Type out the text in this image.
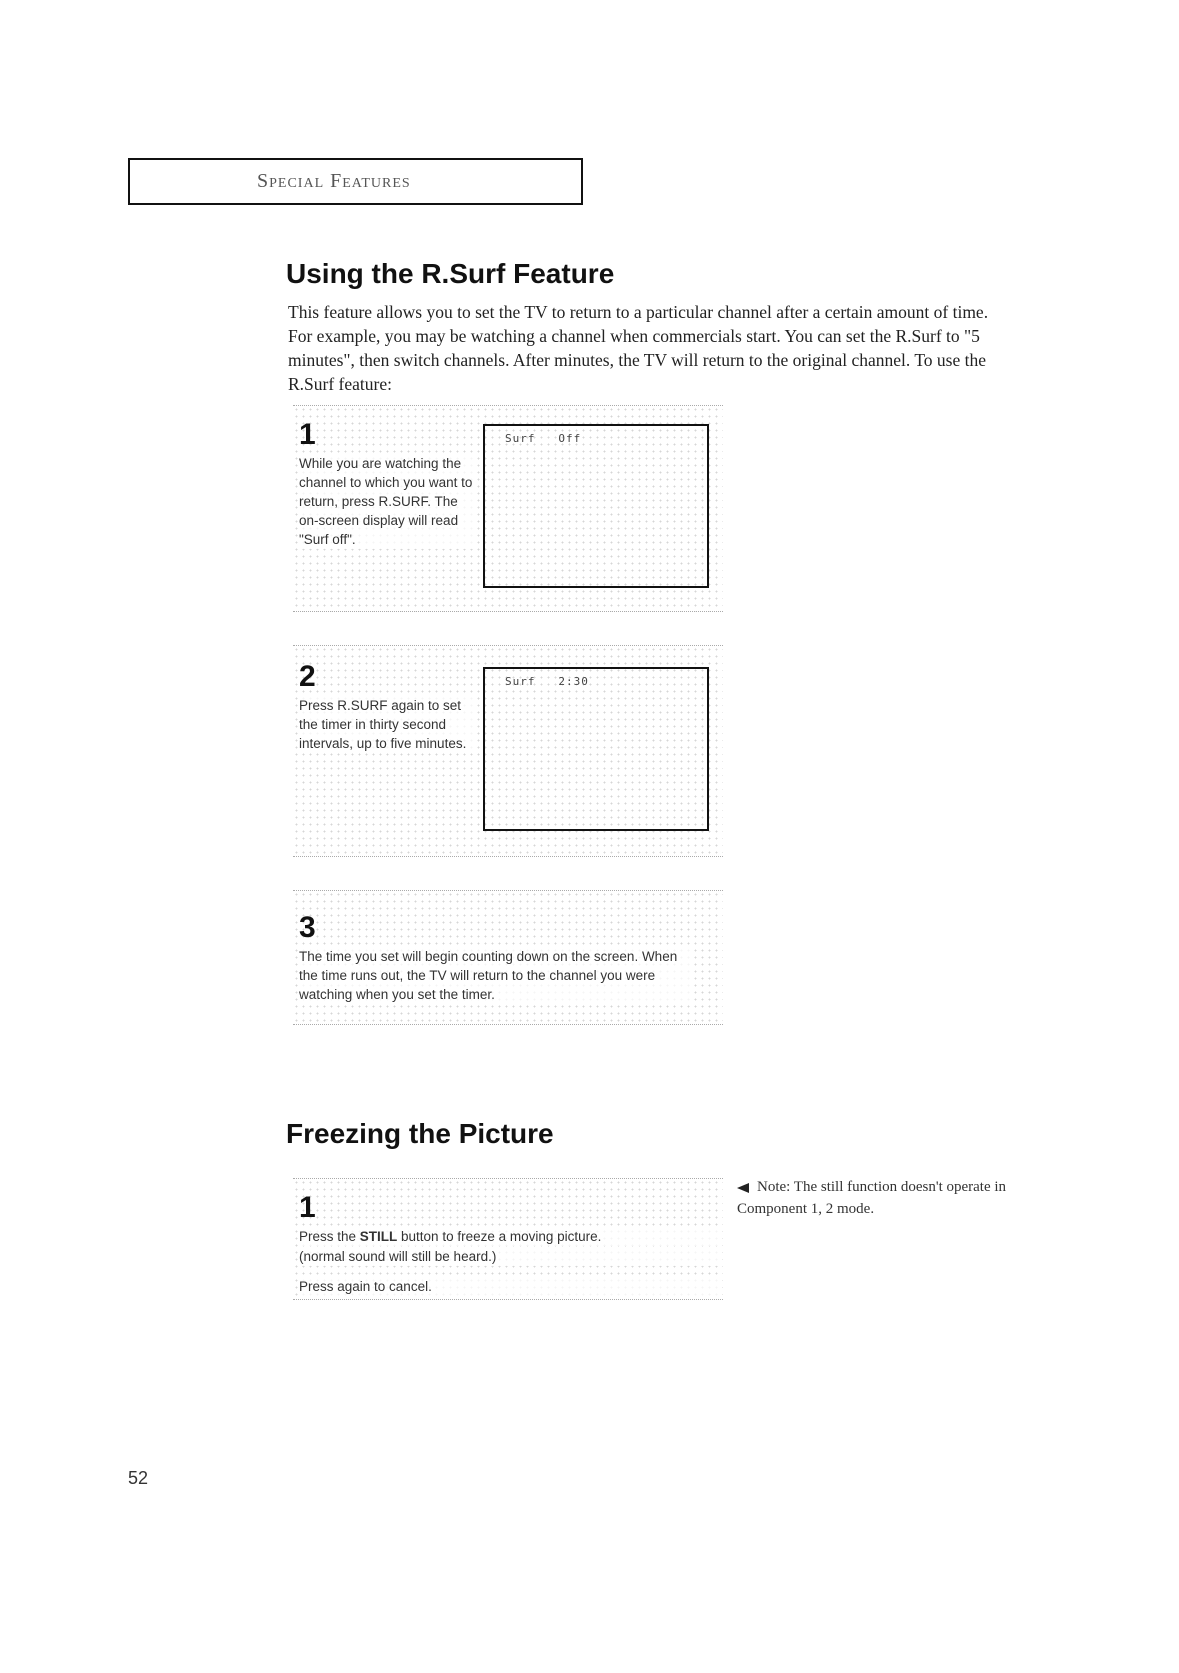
Special Features
Using the R.Surf Feature

This feature allows you to set the TV to return to a particular channel after a certain amount of time. For example, you may be watching a channel when commercials start. You can set the R.Surf to "5 minutes", then switch channels. After minutes, the TV will return to the original channel. To use the R.Surf feature:

1

While you are watching the channel to which you want to return, press R.SURF. The on-screen display will read "Surf off".

Surf   Off
2

Press R.SURF again to set the timer in thirty second intervals, up to five minutes.

Surf   2:30
3

The time you set will begin counting down on the screen. When the time runs out, the TV will return to the channel you were watching when you set the timer.

Freezing the Picture
1

Press the STILL button to freeze a moving picture.

(normal sound will still be heard.)

Press again to cancel.

Note: The still function doesn't operate in Component 1, 2 mode.
52
